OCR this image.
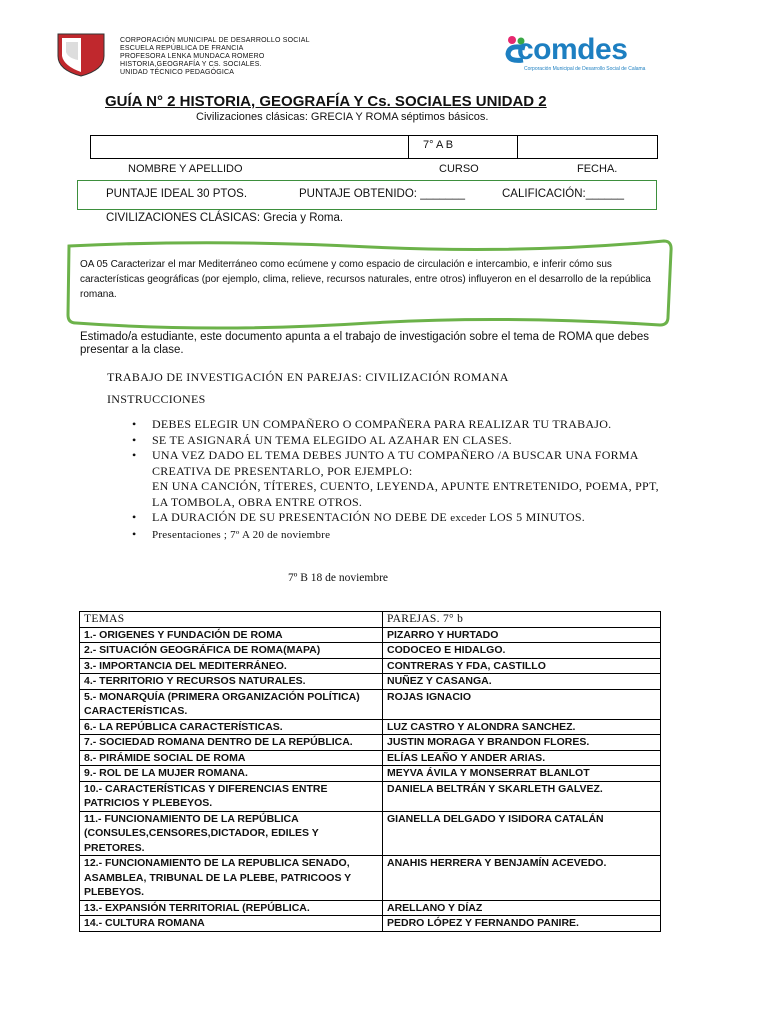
CORPORACIÓN MUNICIPAL DE DESARROLLO SOCIAL
ESCUELA REPÚBLICA DE FRANCIA
PROFESORA LENKA MUNDACA ROMERO
HISTORIA,GEOGRAFÍA Y CS. SOCIALES.
UNIDAD TÉCNICO PEDAGÓGICA
comdes
Corporación Municipal de Desarrollo Social de Calama
GUÍA N° 2 HISTORIA, GEOGRAFÍA Y Cs. SOCIALES UNIDAD 2
Civilizaciones clásicas: GRECIA Y ROMA séptimos básicos.
7° A B
NOMBRE Y APELLIDO	CURSO	FECHA.
PUNTAJE IDEAL 30 PTOS.	PUNTAJE OBTENIDO: _______	CALIFICACIÓN:______
CIVILIZACIONES CLÁSICAS: Grecia y Roma.
OA 05 Caracterizar el mar Mediterráneo como ecúmene y como espacio de circulación e intercambio, e inferir cómo sus características geográficas (por ejemplo, clima, relieve, recursos naturales, entre otros) influyeron en el desarrollo de la república romana.
Estimado/a estudiante, este documento apunta a el trabajo de investigación sobre el tema de ROMA que debes presentar a la clase.
TRABAJO DE INVESTIGACIÓN EN PAREJAS: CIVILIZACIÓN ROMANA
INSTRUCCIONES
• DEBES ELEGIR UN COMPAÑERO O COMPAÑERA PARA REALIZAR TU TRABAJO.
• SE TE ASIGNARÁ UN TEMA ELEGIDO AL AZAHAR EN CLASES.
• UNA VEZ DADO EL TEMA DEBES JUNTO A TU COMPAÑERO /A BUSCAR UNA FORMA CREATIVA DE PRESENTARLO, POR EJEMPLO:
EN UNA CANCIÓN, TÍTERES, CUENTO, LEYENDA, APUNTE ENTRETENIDO, POEMA, PPT, LA TOMBOLA, OBRA ENTRE OTROS.
• LA DURACIÓN DE SU PRESENTACIÓN NO DEBE DE exceder LOS 5 MINUTOS.
• Presentaciones ; 7º A 20 de noviembre
7º B 18 de noviembre
TEMAS	PAREJAS. 7° b
1.- ORIGENES Y FUNDACIÓN DE ROMA	PIZARRO Y HURTADO
2.- SITUACIÓN GEOGRÁFICA DE ROMA(MAPA)	CODOCEO E HIDALGO.
3.- IMPORTANCIA DEL MEDITERRÁNEO.	CONTRERAS Y FDA, CASTILLO
4.- TERRITORIO Y RECURSOS NATURALES.	NUÑEZ Y CASANGA.
5.- MONARQUÍA (PRIMERA ORGANIZACIÓN POLÍTICA) CARACTERÍSTICAS.	ROJAS IGNACIO
6.- LA REPÚBLICA CARACTERÍSTICAS.	LUZ CASTRO Y ALONDRA SANCHEZ.
7.- SOCIEDAD ROMANA DENTRO DE LA REPÚBLICA.	JUSTIN MORAGA Y BRANDON FLORES.
8.- PIRÁMIDE SOCIAL DE ROMA	ELÍAS LEAÑO Y ANDER ARIAS.
9.- ROL DE LA MUJER ROMANA.	MEYVA ÁVILA Y MONSERRAT BLANLOT
10.- CARACTERÍSTICAS Y DIFERENCIAS ENTRE PATRICIOS Y PLEBEYOS.	DANIELA BELTRÁN Y SKARLETH GALVEZ.
11.- FUNCIONAMIENTO DE LA REPÚBLICA (CONSULES,CENSORES,DICTADOR, EDILES Y PRETORES.	GIANELLA DELGADO Y ISIDORA CATALÁN
12.- FUNCIONAMIENTO DE LA REPUBLICA SENADO, ASAMBLEA, TRIBUNAL DE LA PLEBE, PATRICOOS Y PLEBEYOS.	ANAHIS HERRERA Y BENJAMÍN ACEVEDO.
13.- EXPANSIÓN TERRITORIAL (REPÚBLICA.	ARELLANO Y DÍAZ
14.- CULTURA ROMANA	PEDRO LÓPEZ Y FERNANDO PANIRE.
